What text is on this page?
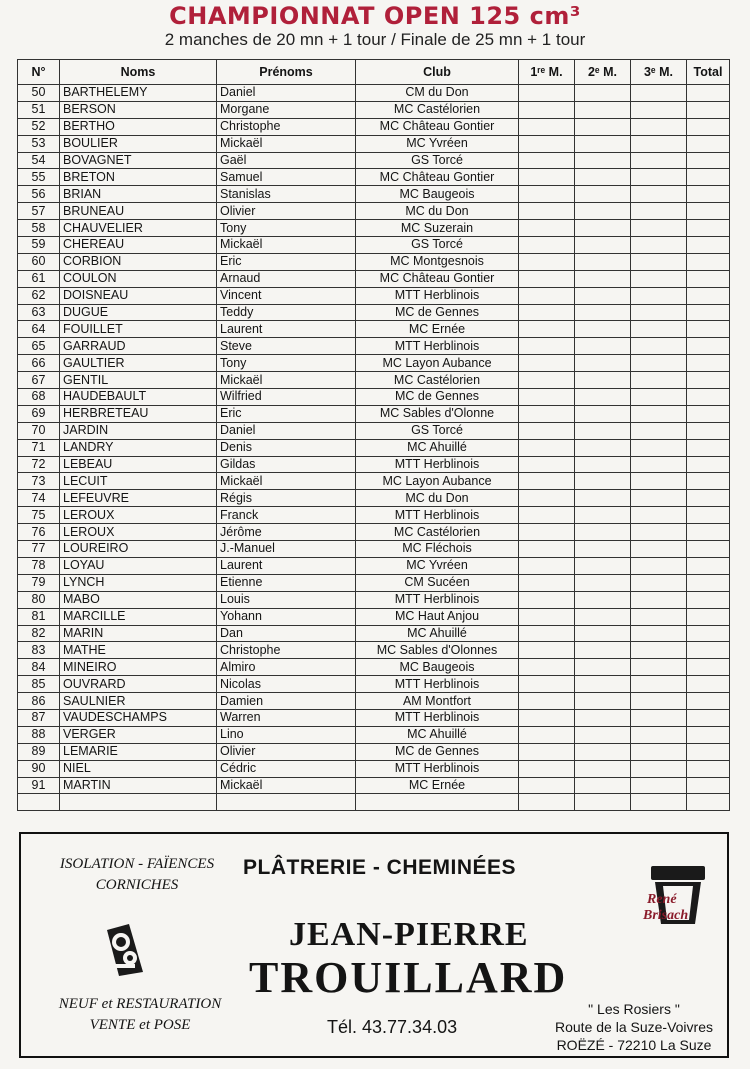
CHAMPIONNAT OPEN 125 cm³
2 manches de 20 mn + 1 tour / Finale de 25 mn + 1 tour
N°	Noms	Prénoms	Club	1ʳᵉ M.	2ᵉ M.	3ᵉ M.	Total
50	BARTHELEMY	Daniel	CM du Don				
51	BERSON	Morgane	MC Castélorien				
52	BERTHO	Christophe	MC Château Gontier				
53	BOULIER	Mickaël	MC Yvréen				
54	BOVAGNET	Gaël	GS Torcé				
55	BRETON	Samuel	MC Château Gontier				
56	BRIAN	Stanislas	MC Baugeois				
57	BRUNEAU	Olivier	MC du Don				
58	CHAUVELIER	Tony	MC Suzerain				
59	CHEREAU	Mickaël	GS Torcé				
60	CORBION	Eric	MC Montgesnois				
61	COULON	Arnaud	MC Château Gontier				
62	DOISNEAU	Vincent	MTT Herblinois				
63	DUGUE	Teddy	MC de Gennes				
64	FOUILLET	Laurent	MC Ernée				
65	GARRAUD	Steve	MTT Herblinois				
66	GAULTIER	Tony	MC Layon Aubance				
67	GENTIL	Mickaël	MC Castélorien				
68	HAUDEBAULT	Wilfried	MC de Gennes				
69	HERBRETEAU	Eric	MC Sables d'Olonne				
70	JARDIN	Daniel	GS Torcé				
71	LANDRY	Denis	MC Ahuillé				
72	LEBEAU	Gildas	MTT Herblinois				
73	LECUIT	Mickaël	MC Layon Aubance				
74	LEFEUVRE	Régis	MC du Don				
75	LEROUX	Franck	MTT Herblinois				
76	LEROUX	Jérôme	MC Castélorien				
77	LOUREIRO	J.-Manuel	MC Fléchois				
78	LOYAU	Laurent	MC Yvréen				
79	LYNCH	Etienne	CM Sucéen				
80	MABO	Louis	MTT Herblinois				
81	MARCILLE	Yohann	MC Haut Anjou				
82	MARIN	Dan	MC Ahuillé				
83	MATHE	Christophe	MC Sables d'Olonnes				
84	MINEIRO	Almiro	MC Baugeois				
85	OUVRARD	Nicolas	MTT Herblinois				
86	SAULNIER	Damien	AM Montfort				
87	VAUDESCHAMPS	Warren	MTT Herblinois				
88	VERGER	Lino	MC Ahuillé				
89	LEMARIE	Olivier	MC de Gennes				
90	NIEL	Cédric	MTT Herblinois				
91	MARTIN	Mickaël	MC Ernée				

ISOLATION - FAÏENCES
CORNICHES
PLÂTRERIE - CHEMINÉES
JEAN-PIERRE
TROUILLARD
René
Brisach
NEUF et RESTAURATION
VENTE et POSE	Tél. 43.77.34.03
" Les Rosiers "
Route de la Suze-Voivres
ROËZÉ - 72210 La Suze
